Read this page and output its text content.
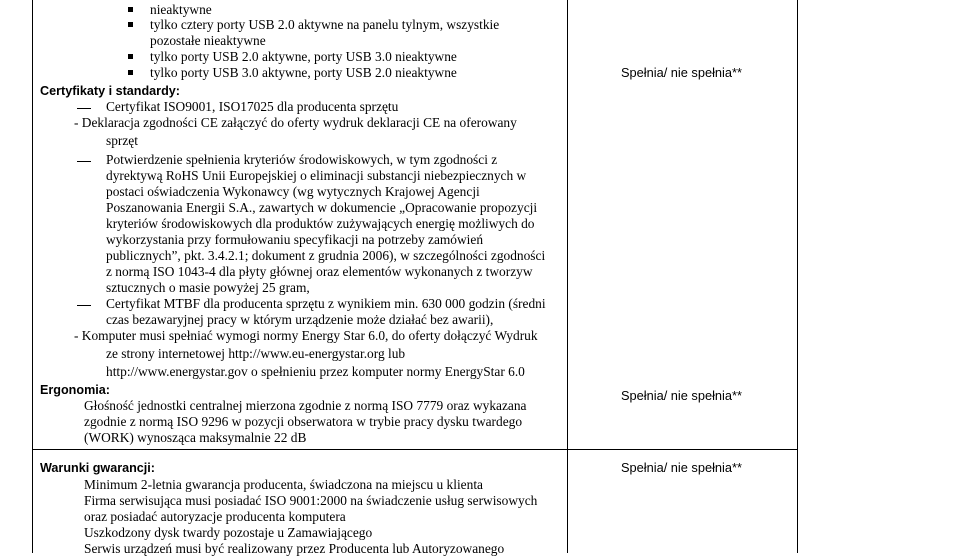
nieaktywne
tylko cztery porty USB 2.0 aktywne na panelu tylnym, wszystkie
pozostałe nieaktywne
tylko porty USB 2.0 aktywne, porty USB 3.0 nieaktywne
tylko porty USB 3.0 aktywne, porty USB 2.0 nieaktywne
Certyfikaty i standardy:
Spełnia/ nie spełnia**
Certyfikat ISO9001, ISO17025 dla producenta sprzętu
- Deklaracja zgodności CE załączyć do oferty wydruk deklaracji CE na oferowany
sprzęt
Potwierdzenie spełnienia kryteriów środowiskowych, w tym zgodności z
dyrektywą RoHS Unii Europejskiej o eliminacji substancji niebezpiecznych w
postaci oświadczenia Wykonawcy (wg wytycznych Krajowej Agencji
Poszanowania Energii S.A., zawartych w dokumencie „Opracowanie propozycji
kryteriów środowiskowych dla produktów zużywających energię możliwych do
wykorzystania przy formułowaniu specyfikacji na potrzeby zamówień
publicznych”, pkt. 3.4.2.1; dokument z grudnia 2006), w szczególności zgodności
z normą ISO 1043-4 dla płyty głównej oraz elementów wykonanych z tworzyw
sztucznych o masie powyżej 25 gram,
Certyfikat MTBF dla producenta sprzętu z wynikiem min. 630 000 godzin (średni
czas bezawaryjnej pracy w którym urządzenie może działać bez awarii),
- Komputer musi spełniać wymogi normy Energy Star 6.0, do oferty dołączyć Wydruk
ze strony internetowej http://www.eu-energystar.org lub
http://www.energystar.gov o spełnieniu przez komputer normy EnergyStar 6.0
Ergonomia:	Spełnia/ nie spełnia**
Głośność jednostki centralnej mierzona zgodnie z normą ISO 7779 oraz wykazana
zgodnie z normą ISO 9296 w pozycji obserwatora w trybie pracy dysku twardego
(WORK) wynosząca maksymalnie 22 dB
Warunki gwarancji:	Spełnia/ nie spełnia**
Minimum 2-letnia gwarancja producenta, świadczona na miejscu u klienta
Firma serwisująca musi posiadać ISO 9001:2000 na świadczenie usług serwisowych
oraz posiadać autoryzacje producenta komputera
Uszkodzony dysk twardy pozostaje u Zamawiającego
Serwis urządzeń musi być realizowany przez Producenta lub Autoryzowanego
